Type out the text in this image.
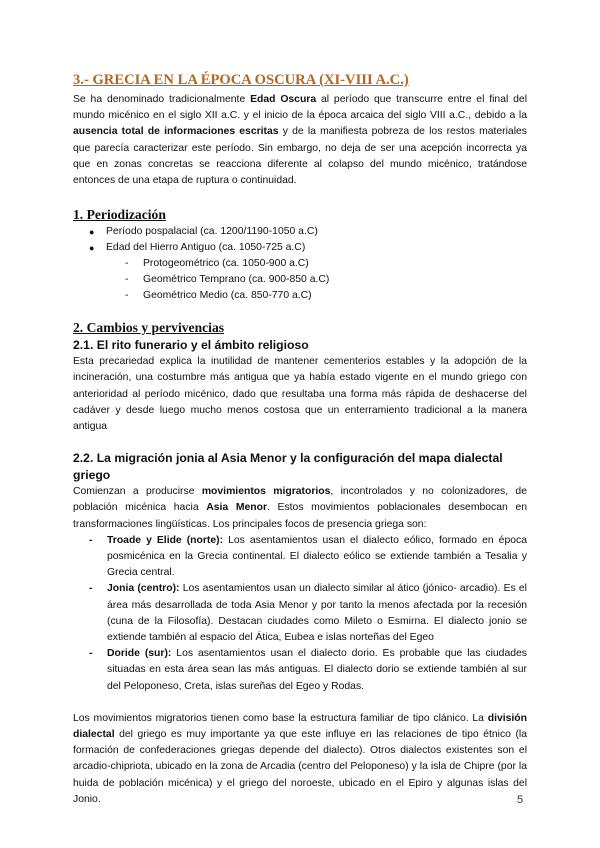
3.- GRECIA EN LA ÉPOCA OSCURA (XI-VIII A.C.)

Se ha denominado tradicionalmente Edad Oscura al período que transcurre entre el final del mundo micénico en el siglo XII a.C. y el inicio de la época arcaica del siglo VIII a.C., debido a la ausencia total de informaciones escritas y de la manifiesta pobreza de los restos materiales que parecía caracterizar este período. Sin embargo, no deja de ser una acepción incorrecta ya que en zonas concretas se reacciona diferente al colapso del mundo micénico, tratándose entonces de una etapa de ruptura o continuidad.

1. Periodización
● Período pospalacial (ca. 1200/1190-1050 a.C)
● Edad del Hierro Antiguo (ca. 1050-725 a.C)
- Protogeométrico (ca. 1050-900 a.C)
- Geométrico Temprano (ca. 900-850 a.C)
- Geométrico Medio (ca. 850-770 a.C)
2. Cambios y pervivencias
2.1. El rito funerario y el ámbito religioso

Esta precariedad explica la inutilidad de mantener cementerios estables y la adopción de la incineración, una costumbre más antigua que ya había estado vigente en el mundo griego con anterioridad al período micénico, dado que resultaba una forma más rápida de deshacerse del cadáver y desde luego mucho menos costosa que un enterramiento tradicional a la manera antigua

2.2. La migración jonia al Asia Menor y la configuración del mapa dialectal griego

Comienzan a producirse movimientos migratorios, incontrolados y no colonizadores, de población micénica hacia Asia Menor. Estos movimientos poblacionales desembocan en transformaciones lingüísticas. Los principales focos de presencia griega son:

- Troade y Elide (norte): Los asentamientos usan el dialecto eólico, formado en época posmicénica en la Grecia continental. El dialecto eólico se extiende también a Tesalia y Grecia central.
- Jonia (centro): Los asentamientos usan un dialecto similar al ático (jónico- arcadio). Es el área más desarrollada de toda Asia Menor y por tanto la menos afectada por la recesión (cuna de la Filosofía). Destacan ciudades como Mileto o Esmirna. El dialecto jonio se extiende también al espacio del Ática, Eubea e islas norteñas del Egeo
- Doride (sur): Los asentamientos usan el dialecto dorio. Es probable que las ciudades situadas en esta área sean las más antiguas. El dialecto dorio se extiende también al sur del Peloponeso, Creta, islas sureñas del Egeo y Rodas.

Los movimientos migratorios tienen como base la estructura familiar de tipo clánico. La división dialectal del griego es muy importante ya que este influye en las relaciones de tipo étnico (la formación de confederaciones griegas depende del dialecto). Otros dialectos existentes son el arcadio-chipriota, ubicado en la zona de Arcadia (centro del Peloponeso) y la isla de Chipre (por la huida de población micénica) y el griego del noroeste, ubicado en el Epiro y algunas islas del Jonio.	5
